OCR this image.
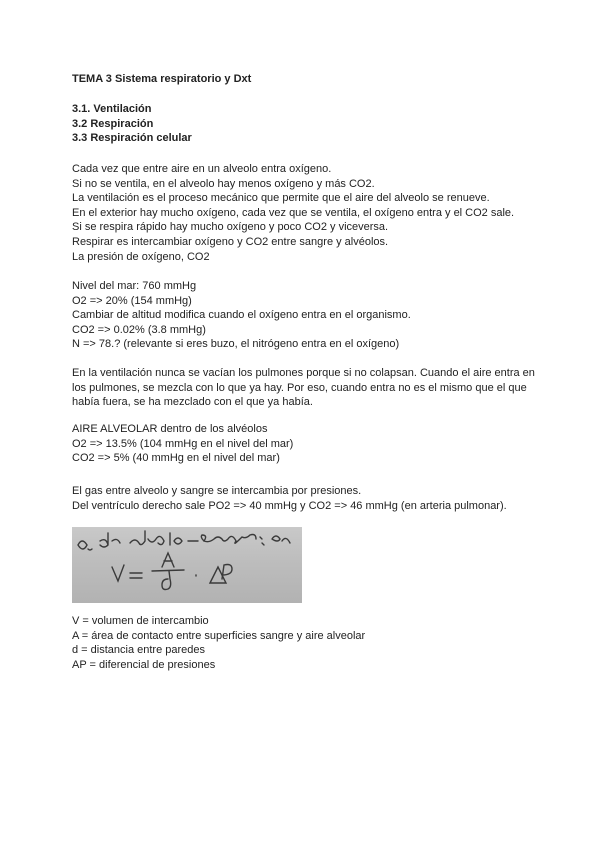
TEMA 3 Sistema respiratorio y Dxt
3.1. Ventilación
3.2 Respiración
3.3 Respiración celular
Cada vez que entre aire en un alveolo entra oxígeno.
Si no se ventila, en el alveolo hay menos oxígeno y más CO2.
La ventilación es el proceso mecánico que permite que el aire del alveolo se renueve.
En el exterior hay mucho oxígeno, cada vez que se ventila, el oxígeno entra y el CO2 sale.
Si se respira rápido hay mucho oxígeno y poco CO2 y viceversa.
Respirar es intercambiar oxígeno y CO2 entre sangre y alvéolos.
La presión de oxígeno, CO2
Nivel del mar: 760 mmHg
O2 => 20% (154 mmHg)
Cambiar de altitud modifica cuando el oxígeno entra en el organismo.
CO2 => 0.02% (3.8 mmHg)
N => 78.? (relevante si eres buzo, el nitrógeno entra en el oxígeno)
En la ventilación nunca se vacían los pulmones porque si no colapsan. Cuando el aire entra en los pulmones, se mezcla con lo que ya hay. Por eso, cuando entra no es el mismo que el que había fuera, se ha mezclado con el que ya había.
AIRE ALVEOLAR dentro de los alvéolos
O2 => 13.5% (104 mmHg en el nivel del mar)
CO2 => 5% (40 mmHg en el nivel del mar)
El gas entre alveolo y sangre se intercambia por presiones.
Del ventrículo derecho sale PO2 => 40 mmHg y CO2 => 46 mmHg (en arteria pulmonar).
V = volumen de intercambio
A = área de contacto entre superficies sangre y aire alveolar
d = distancia entre paredes
AP = diferencial de presiones
